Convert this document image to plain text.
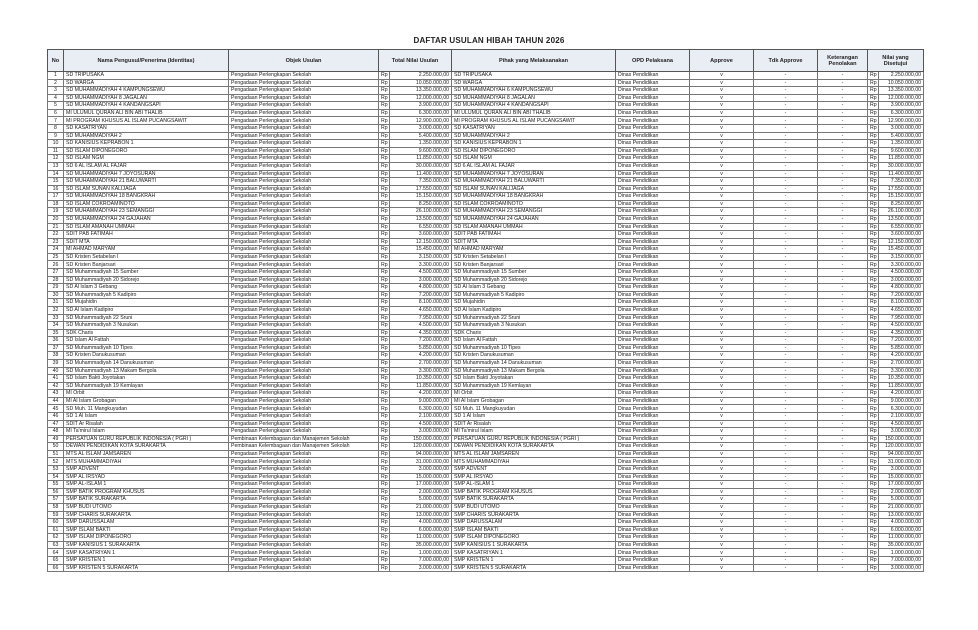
DAFTAR USULAN HIBAH TAHUN 2026
No	Nama Pengusul/Penerima (Identitas)	Objek Usulan	Total Nilai Usulan		Pihak yang Melaksanakan	OPD Pelaksana	Approve	Tdk Approve	Keterangan Penolakan	Nilai yang Disetujui	
1	SD TRIPUSAKA	Pengadaan Perlengkapan Sekolah	Rp	2.250.000,00	SD TRIPUSAKA	Dinas Pendidikan	v	-	-	Rp	2.250.000,00
2	SD WARGA	Pengadaan Perlengkapan Sekolah	Rp	10.050.000,00	SD WARGA	Dinas Pendidikan	v	-	-	Rp	10.050.000,00
3	SD MUHAMMADIYAH 4 KAMPUNGSEWU	Pengadaan Perlengkapan Sekolah	Rp	13.350.000,00	SD MUHAMMADIYAH 6 KAMPUNGSEWU	Dinas Pendidikan	v	-	-	Rp	13.350.000,00
4	SD MUHAMMADIYAH 8 JAGALAN	Pengadaan Perlengkapan Sekolah	Rp	12.000.000,00	SD MUHAMMADIYAH 8 JAGALAN	Dinas Pendidikan	v	-	-	Rp	12.000.000,00
5	SD MUHAMMADIYAH 4 KANDANGSAPI	Pengadaan Perlengkapan Sekolah	Rp	3.900.000,00	SD MUHAMMADIYAH 4 KANDANGSAPI	Dinas Pendidikan	v	-	-	Rp	3.900.000,00
6	MI ULUMUL QURAN ALI BIN ABI THALIB	Pengadaan Perlengkapan Sekolah	Rp	6.300.000,00	MI ULUMUL QURAN ALI BIN ABI THALIB	Dinas Pendidikan	v	-	-	Rp	6.300.000,00
7	MI PROGRAM KHUSUS AL ISLAM PUCANGSAWIT	Pengadaan Perlengkapan Sekolah	Rp	12.900.000,00	MI PROGRAM KHUSUS AL ISLAM PUCANGSAWIT	Dinas Pendidikan	v	-	-	Rp	12.900.000,00
8	SD KASATRIYAN	Pengadaan Perlengkapan Sekolah	Rp	3.000.000,00	SD KASATRIYAN	Dinas Pendidikan	v	-	-	Rp	3.000.000,00
9	SD MUHAMMADIYAH 2	Pengadaan Perlengkapan Sekolah	Rp	5.400.000,00	SD MUHAMMADIYAH 2	Dinas Pendidikan	v	-	-	Rp	5.400.000,00
10	SD KANISIUS KEPRABON 1	Pengadaan Perlengkapan Sekolah	Rp	1.350.000,00	SD KANISIUS KEPRABON 1	Dinas Pendidikan	v	-	-	Rp	1.350.000,00
11	SD ISLAM DIPONEGORO	Pengadaan Perlengkapan Sekolah	Rp	9.600.000,00	SD ISLAM DIPONEGORO	Dinas Pendidikan	v	-	-	Rp	9.600.000,00
12	SD ISLAM NGM	Pengadaan Perlengkapan Sekolah	Rp	11.850.000,00	SD ISLAM NGM	Dinas Pendidikan	v	-	-	Rp	11.850.000,00
13	SD 6 AL ISLAM AL FAJAR	Pengadaan Perlengkapan Sekolah	Rp	30.000.000,00	SD 6 AL ISLAM AL FAJAR	Dinas Pendidikan	v	-	-	Rp	30.000.000,00
14	SD MUHAMMADIYAH 7 JOYOSURAN	Pengadaan Perlengkapan Sekolah	Rp	11.400.000,00	SD MUHAMMADIYAH 7 JOYOSURAN	Dinas Pendidikan	v	-	-	Rp	11.400.000,00
15	SD MUHAMMADIYAH 21 BALUWARTI	Pengadaan Perlengkapan Sekolah	Rp	7.350.000,00	SD MUHAMMADIYAH 21 BALUWARTI	Dinas Pendidikan	v	-	-	Rp	7.350.000,00
16	SD ISLAM SUNAN KALIJAGA	Pengadaan Perlengkapan Sekolah	Rp	17.550.000,00	SD ISLAM SUNAN KALIJAGA	Dinas Pendidikan	v	-	-	Rp	17.550.000,00
17	SD MUHAMMADIYAH 18 BANGKRAH	Pengadaan Perlengkapan Sekolah	Rp	15.150.000,00	SD MUHAMMADIYAH 18 BANGKRAH	Dinas Pendidikan	v	-	-	Rp	15.150.000,00
18	SD ISLAM COKROAMINOTO	Pengadaan Perlengkapan Sekolah	Rp	8.250.000,00	SD ISLAM COKROAMINOTO	Dinas Pendidikan	v	-	-	Rp	8.250.000,00
19	SD MUHAMMADIYAH 23 SEMANGGI	Pengadaan Perlengkapan Sekolah	Rp	26.100.000,00	SD MUHAMMADIYAH 23 SEMANGGI	Dinas Pendidikan	v	-	-	Rp	26.100.000,00
20	SD MUHAMMADIYAH 24 GAJAHAN	Pengadaan Perlengkapan Sekolah	Rp	13.500.000,00	SD MUHAMMADIYAH 24 GAJAHAN	Dinas Pendidikan	v	-	-	Rp	13.500.000,00
21	SD ISLAM AMANAH UMMAH	Pengadaan Perlengkapan Sekolah	Rp	6.550.000,00	SD ISLAM AMANAH UMMAH	Dinas Pendidikan	v	-	-	Rp	6.550.000,00
22	SDIT PAB FATIMAH	Pengadaan Perlengkapan Sekolah	Rp	3.600.000,00	SDIT PAB FATIMAH	Dinas Pendidikan	v	-	-	Rp	3.600.000,00
23	SDIT MTA	Pengadaan Perlengkapan Sekolah	Rp	12.150.000,00	SDIT MTA	Dinas Pendidikan	v	-	-	Rp	12.150.000,00
24	MI AHMAD MARYAM	Pengadaan Perlengkapan Sekolah	Rp	15.450.000,00	MI AHMAD MARYAM	Dinas Pendidikan	v	-	-	Rp	15.450.000,00
25	SD Kristen Setabelan I	Pengadaan Perlengkapan Sekolah	Rp	3.150.000,00	SD Kristen Setabelan I	Dinas Pendidikan	v	-	-	Rp	3.150.000,00
26	SD Kristen Banjarsari	Pengadaan Perlengkapan Sekolah	Rp	3.300.000,00	SD Kristen Banjarsari	Dinas Pendidikan	v	-	-	Rp	3.300.000,00
27	SD Muhammadiyah 15 Sumber	Pengadaan Perlengkapan Sekolah	Rp	4.500.000,00	SD Muhammadiyah 15 Sumber	Dinas Pendidikan	v	-	-	Rp	4.500.000,00
28	SD Muhammadiyah 20 Sidorejo	Pengadaan Perlengkapan Sekolah	Rp	3.000.000,00	SD Muhammadiyah 20 Sidorejo	Dinas Pendidikan	v	-	-	Rp	3.000.000,00
29	SD Al Islam 3 Gebang	Pengadaan Perlengkapan Sekolah	Rp	4.800.000,00	SD Al Islam 3 Gebang	Dinas Pendidikan	v	-	-	Rp	4.800.000,00
30	SD Muhammadiyah 5 Kadipiro	Pengadaan Perlengkapan Sekolah	Rp	7.200.000,00	SD Muhammadiyah 5 Kadipiro	Dinas Pendidikan	v	-	-	Rp	7.200.000,00
31	SD Mujahidin	Pengadaan Perlengkapan Sekolah	Rp	8.100.000,00	SD Mujahidin	Dinas Pendidikan	v	-	-	Rp	8.100.000,00
32	SD Al Islam Kadipiro	Pengadaan Perlengkapan Sekolah	Rp	4.650.000,00	SD Al Islam Kadipiro	Dinas Pendidikan	v	-	-	Rp	4.650.000,00
33	SD Muhammadiyah 22 Sruni	Pengadaan Perlengkapan Sekolah	Rp	7.950.000,00	SD Muhammadiyah 22 Sruni	Dinas Pendidikan	v	-	-	Rp	7.950.000,00
34	SD Muhammadiyah 3 Nusukan	Pengadaan Perlengkapan Sekolah	Rp	4.500.000,00	SD Muhammadiyah 3 Nusukan	Dinas Pendidikan	v	-	-	Rp	4.500.000,00
35	SDK Charis	Pengadaan Perlengkapan Sekolah	Rp	4.350.000,00	SDK Charis	Dinas Pendidikan	v	-	-	Rp	4.350.000,00
36	SD Islam Al Fattah	Pengadaan Perlengkapan Sekolah	Rp	7.200.000,00	SD Islam Al Fattah	Dinas Pendidikan	v	-	-	Rp	7.200.000,00
37	SD Muhammadiyah 10 Tipes	Pengadaan Perlengkapan Sekolah	Rp	5.850.000,00	SD Muhammadiyah 10 Tipes	Dinas Pendidikan	v	-	-	Rp	5.850.000,00
38	SD Kristen Danukusuman	Pengadaan Perlengkapan Sekolah	Rp	4.200.000,00	SD Kristen Danukusuman	Dinas Pendidikan	v	-	-	Rp	4.200.000,00
39	SD Muhammadiyah 14 Danukusuman	Pengadaan Perlengkapan Sekolah	Rp	2.700.000,00	SD Muhammadiyah 14 Danukusuman	Dinas Pendidikan	v	-	-	Rp	2.700.000,00
40	SD Muhammadiyah 13 Makam Bergola	Pengadaan Perlengkapan Sekolah	Rp	3.300.000,00	SD Muhammadiyah 13 Makam Bergola	Dinas Pendidikan	v	-	-	Rp	3.300.000,00
41	SD Islam Bakti Joyotakan	Pengadaan Perlengkapan Sekolah	Rp	10.350.000,00	SD Islam Bakti Joyotakan	Dinas Pendidikan	v	-	-	Rp	10.350.000,00
42	SD Muhammadiyah 19 Kemlayan	Pengadaan Perlengkapan Sekolah	Rp	11.850.000,00	SD Muhammadiyah 19 Kemlayan	Dinas Pendidikan	v	-	-	Rp	11.850.000,00
43	MI Orbit	Pengadaan Perlengkapan Sekolah	Rp	4.200.000,00	MI Orbit	Dinas Pendidikan	v	-	-	Rp	4.200.000,00
44	MI Al Islam Grobagan	Pengadaan Perlengkapan Sekolah	Rp	9.000.000,00	MI Al Islam Grobagan	Dinas Pendidikan	v	-	-	Rp	9.000.000,00
45	SD Muh. 11 Mangkuyudan	Pengadaan Perlengkapan Sekolah	Rp	6.300.000,00	SD Muh. 11 Mangkuyudan	Dinas Pendidikan	v	-	-	Rp	6.300.000,00
46	SD 1 Al Islam	Pengadaan Perlengkapan Sekolah	Rp	2.100.000,00	SD 1 Al Islam	Dinas Pendidikan	v	-	-	Rp	2.100.000,00
47	SDIT Ar Risalah	Pengadaan Perlengkapan Sekolah	Rp	4.500.000,00	SDIT Ar Risalah	Dinas Pendidikan	v	-	-	Rp	4.500.000,00
48	MI Ta'mirul Islam	Pengadaan Perlengkapan Sekolah	Rp	3.000.000,00	MI Ta'mirul Islam	Dinas Pendidikan	v	-	-	Rp	3.000.000,00
49	PERSATUAN GURU REPUBLIK INDONESIA ( PGRI )	Pembinaan Kelembagaan dan Manajemen Sekolah	Rp	150.000.000,00	PERSATUAN GURU REPUBLIK INDONESIA ( PGRI )	Dinas Pendidikan	v	-	-	Rp	150.000.000,00
50	DEWAN PENDIDIKAN KOTA SURAKARTA	Pembinaan Kelembagaan dan Manajemen Sekolah	Rp	120.000.000,00	DEWAN PENDIDIKAN KOTA SURAKARTA	Dinas Pendidikan	v	-	-	Rp	120.000.000,00
51	MTS AL ISLAM JAMSAREN	Pengadaan Perlengkapan Sekolah	Rp	94.000.000,00	MTS AL ISLAM JAMSAREN	Dinas Pendidikan	v	-	-	Rp	94.000.000,00
52	MTS MUHAMMADIYAH	Pengadaan Perlengkapan Sekolah	Rp	31.000.000,00	MTS MUHAMMADIYAH	Dinas Pendidikan	v	-	-	Rp	31.000.000,00
53	SMP ADVENT	Pengadaan Perlengkapan Sekolah	Rp	3.000.000,00	SMP ADVENT	Dinas Pendidikan	v	-	-	Rp	3.000.000,00
54	SMP AL IRSYAD	Pengadaan Perlengkapan Sekolah	Rp	15.000.000,00	SMP AL IRSYAD	Dinas Pendidikan	v	-	-	Rp	15.000.000,00
55	SMP AL-ISLAM 1	Pengadaan Perlengkapan Sekolah	Rp	17.000.000,00	SMP AL-ISLAM 1	Dinas Pendidikan	v	-	-	Rp	17.000.000,00
56	SMP BATIK PROGRAM KHUSUS	Pengadaan Perlengkapan Sekolah	Rp	2.000.000,00	SMP BATIK PROGRAM KHUSUS	Dinas Pendidikan	v	-	-	Rp	2.000.000,00
57	SMP BATIK SURAKARTA	Pengadaan Perlengkapan Sekolah	Rp	5.000.000,00	SMP BATIK SURAKARTA	Dinas Pendidikan	v	-	-	Rp	5.000.000,00
58	SMP BUDI UTOMO	Pengadaan Perlengkapan Sekolah	Rp	21.000.000,00	SMP BUDI UTOMO	Dinas Pendidikan	v	-	-	Rp	21.000.000,00
59	SMP CHARIS SURAKARTA	Pengadaan Perlengkapan Sekolah	Rp	13.000.000,00	SMP CHARIS SURAKARTA	Dinas Pendidikan	v	-	-	Rp	13.000.000,00
60	SMP DARUSSALAM	Pengadaan Perlengkapan Sekolah	Rp	4.000.000,00	SMP DARUSSALAM	Dinas Pendidikan	v	-	-	Rp	4.000.000,00
61	SMP ISLAM BAKTI	Pengadaan Perlengkapan Sekolah	Rp	6.000.000,00	SMP ISLAM BAKTI	Dinas Pendidikan	v	-	-	Rp	6.000.000,00
62	SMP ISLAM DIPONEGORO	Pengadaan Perlengkapan Sekolah	Rp	11.000.000,00	SMP ISLAM DIPONEGORO	Dinas Pendidikan	v	-	-	Rp	11.000.000,00
63	SMP KANISIUS 1 SURAKARTA	Pengadaan Perlengkapan Sekolah	Rp	35.000.000,00	SMP KANISIUS 1 SURAKARTA	Dinas Pendidikan	v	-	-	Rp	35.000.000,00
64	SMP KASATRIYAN 1	Pengadaan Perlengkapan Sekolah	Rp	1.000.000,00	SMP KASATRIYAN 1	Dinas Pendidikan	v	-	-	Rp	1.000.000,00
65	SMP KRISTEN 1	Pengadaan Perlengkapan Sekolah	Rp	7.000.000,00	SMP KRISTEN 1	Dinas Pendidikan	v	-	-	Rp	7.000.000,00
66	SMP KRISTEN 5 SURAKARTA	Pengadaan Perlengkapan Sekolah	Rp	3.000.000,00	SMP KRISTEN 5 SURAKARTA	Dinas Pendidikan	v	-	-	Rp	3.000.000,00
